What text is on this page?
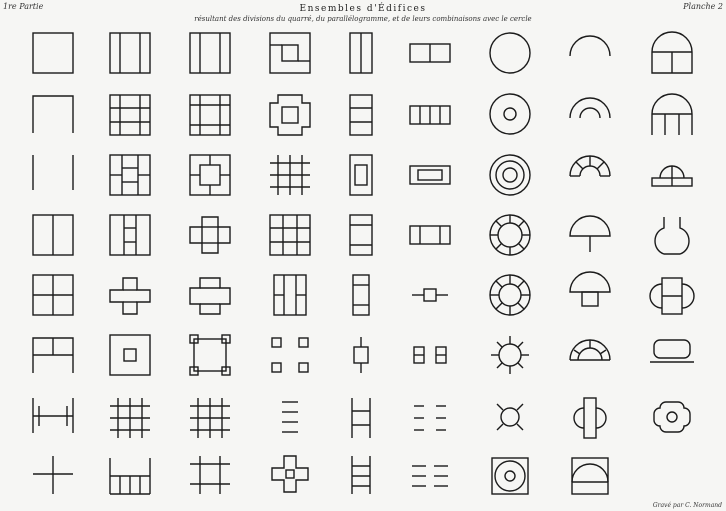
1re Partie	Planche 2
Ensembles d'Édifices
résultant des divisions du quarré, du parallélogramme, et de leurs combinaisons avec le cercle
Gravé par C. Normand
